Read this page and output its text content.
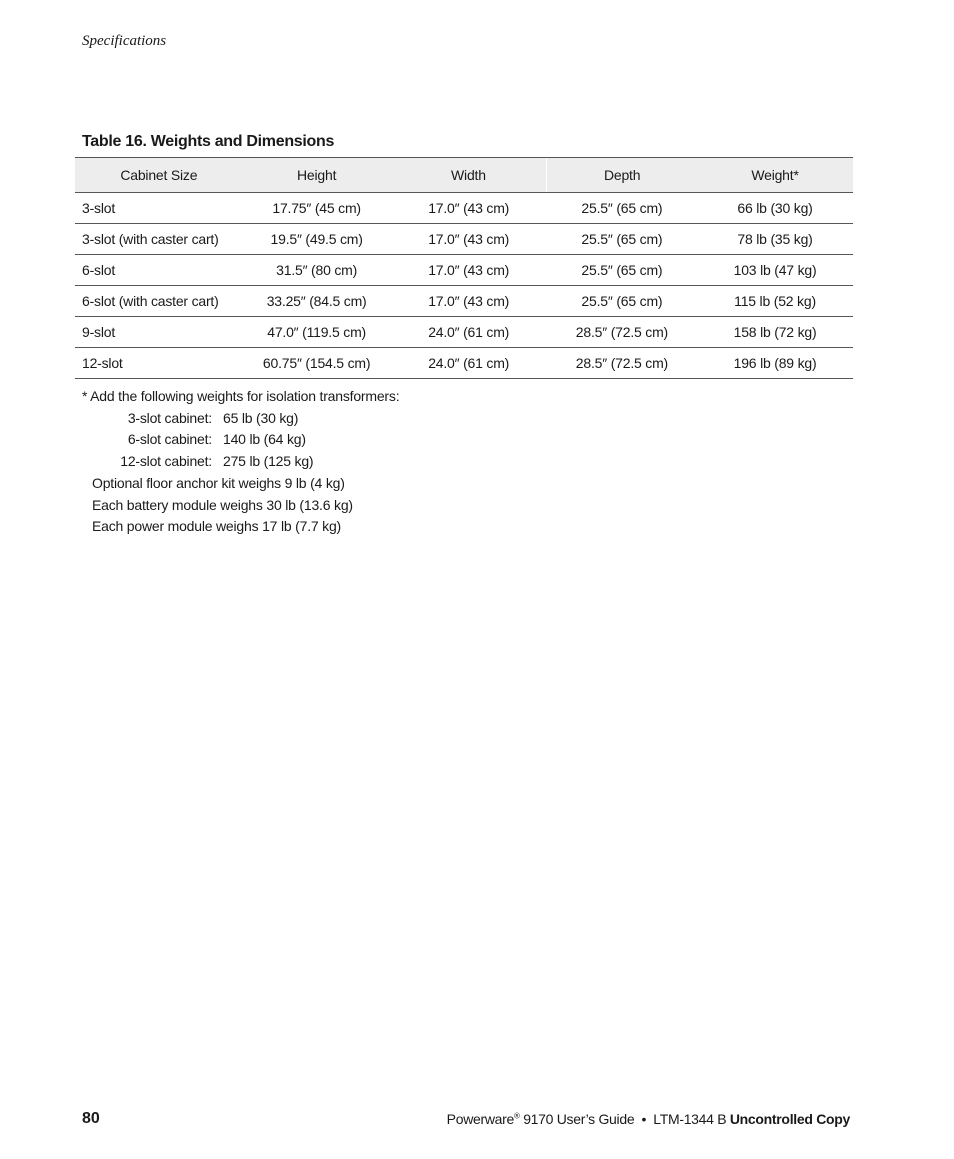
Specifications
Table 16. Weights and Dimensions
Cabinet Size	Height	Width	Depth	Weight*
3-slot	17.75″ (45 cm)	17.0″ (43 cm)	25.5″ (65 cm)	66 lb (30 kg)
3-slot (with caster cart)	19.5″ (49.5 cm)	17.0″ (43 cm)	25.5″ (65 cm)	78 lb (35 kg)
6-slot	31.5″ (80 cm)	17.0″ (43 cm)	25.5″ (65 cm)	103 lb (47 kg)
6-slot (with caster cart)	33.25″ (84.5 cm)	17.0″ (43 cm)	25.5″ (65 cm)	115 lb (52 kg)
9-slot	47.0″ (119.5 cm)	24.0″ (61 cm)	28.5″ (72.5 cm)	158 lb (72 kg)
12-slot	60.75″ (154.5 cm)	24.0″ (61 cm)	28.5″ (72.5 cm)	196 lb (89 kg)
* Add the following weights for isolation transformers:
3-slot cabinet: 65 lb (30 kg)
6-slot cabinet: 140 lb (64 kg)
12-slot cabinet: 275 lb (125 kg)
Optional floor anchor kit weighs 9 lb (4 kg)
Each battery module weighs 30 lb (13.6 kg)
Each power module weighs 17 lb (7.7 kg)
80	Powerware® 9170 User’s Guide  •  LTM-1344 B Uncontrolled Copy
